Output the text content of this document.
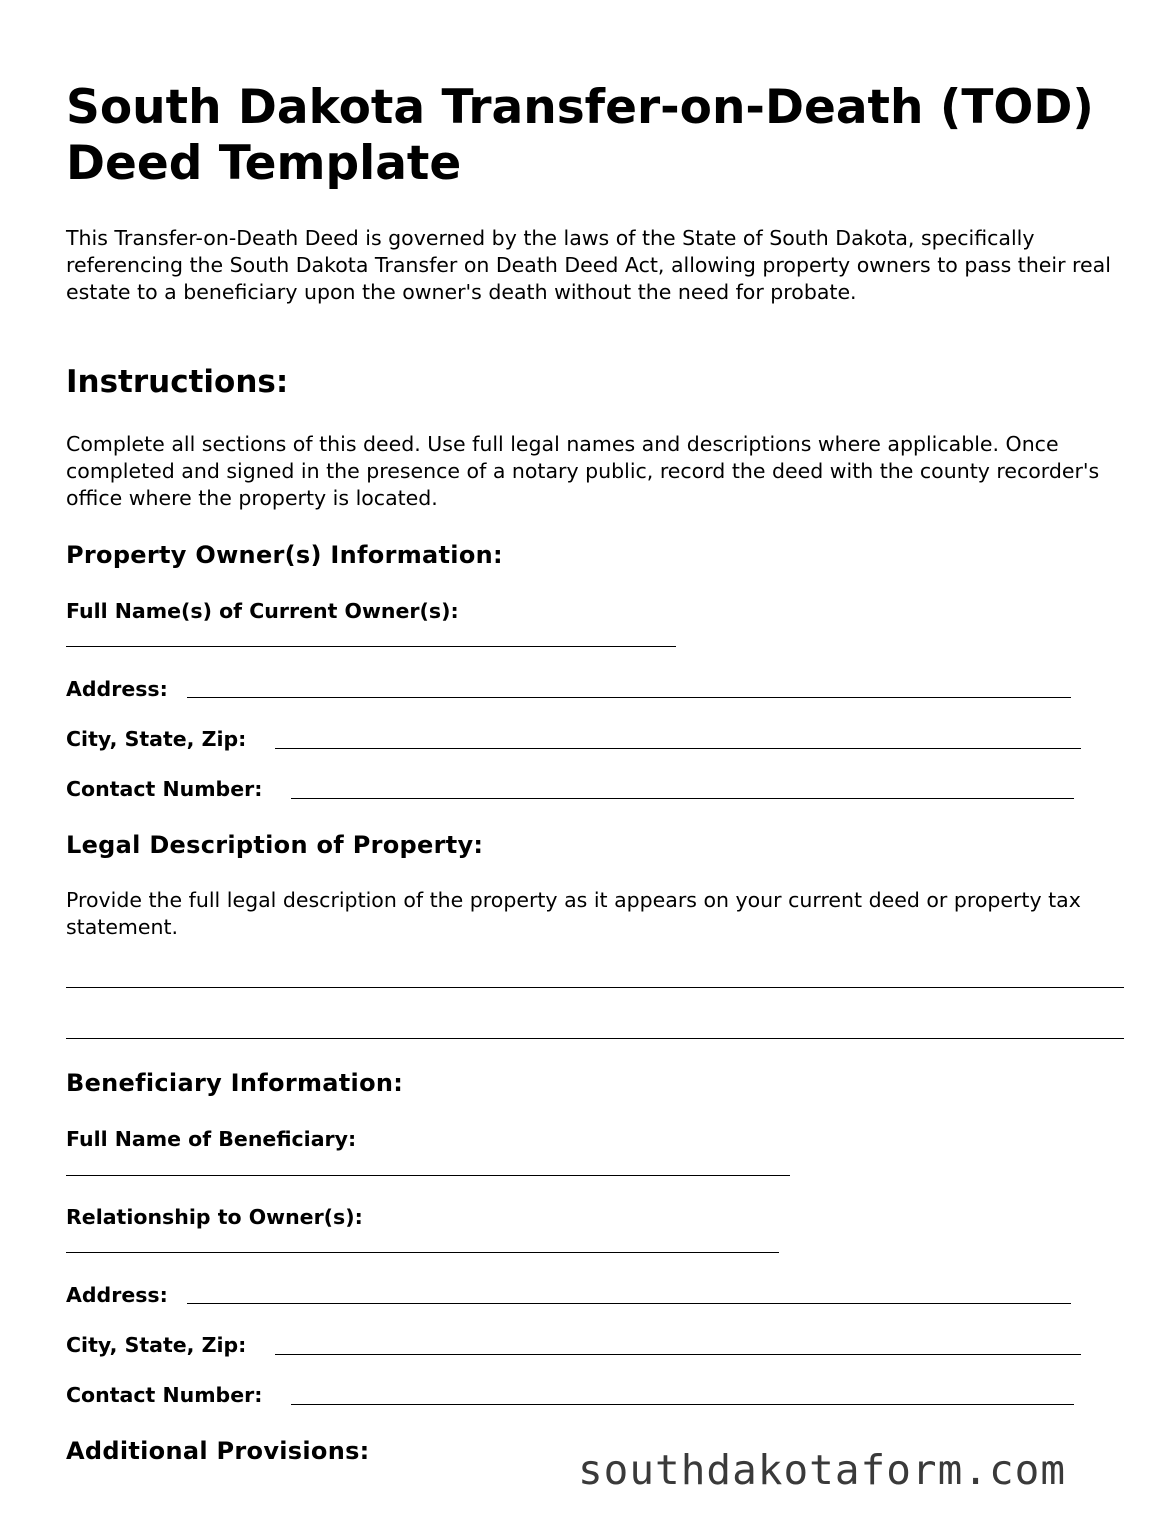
South Dakota Transfer-on-Death (TOD) Deed Template

This Transfer-on-Death Deed is governed by the laws of the State of South Dakota, specifically referencing the South Dakota Transfer on Death Deed Act, allowing property owners to pass their real estate to a beneficiary upon the owner's death without the need for probate.

Instructions:

Complete all sections of this deed. Use full legal names and descriptions where applicable. Once completed and signed in the presence of a notary public, record the deed with the county recorder's office where the property is located.

Property Owner(s) Information:
Full Name(s) of Current Owner(s):
Address:
City, State, Zip:
Contact Number:
Legal Description of Property:

Provide the full legal description of the property as it appears on your current deed or property tax statement.

Beneficiary Information:
Full Name of Beneficiary:
Relationship to Owner(s):
Address:
City, State, Zip:
Contact Number:
Additional Provisions:	southdakotaform.com
